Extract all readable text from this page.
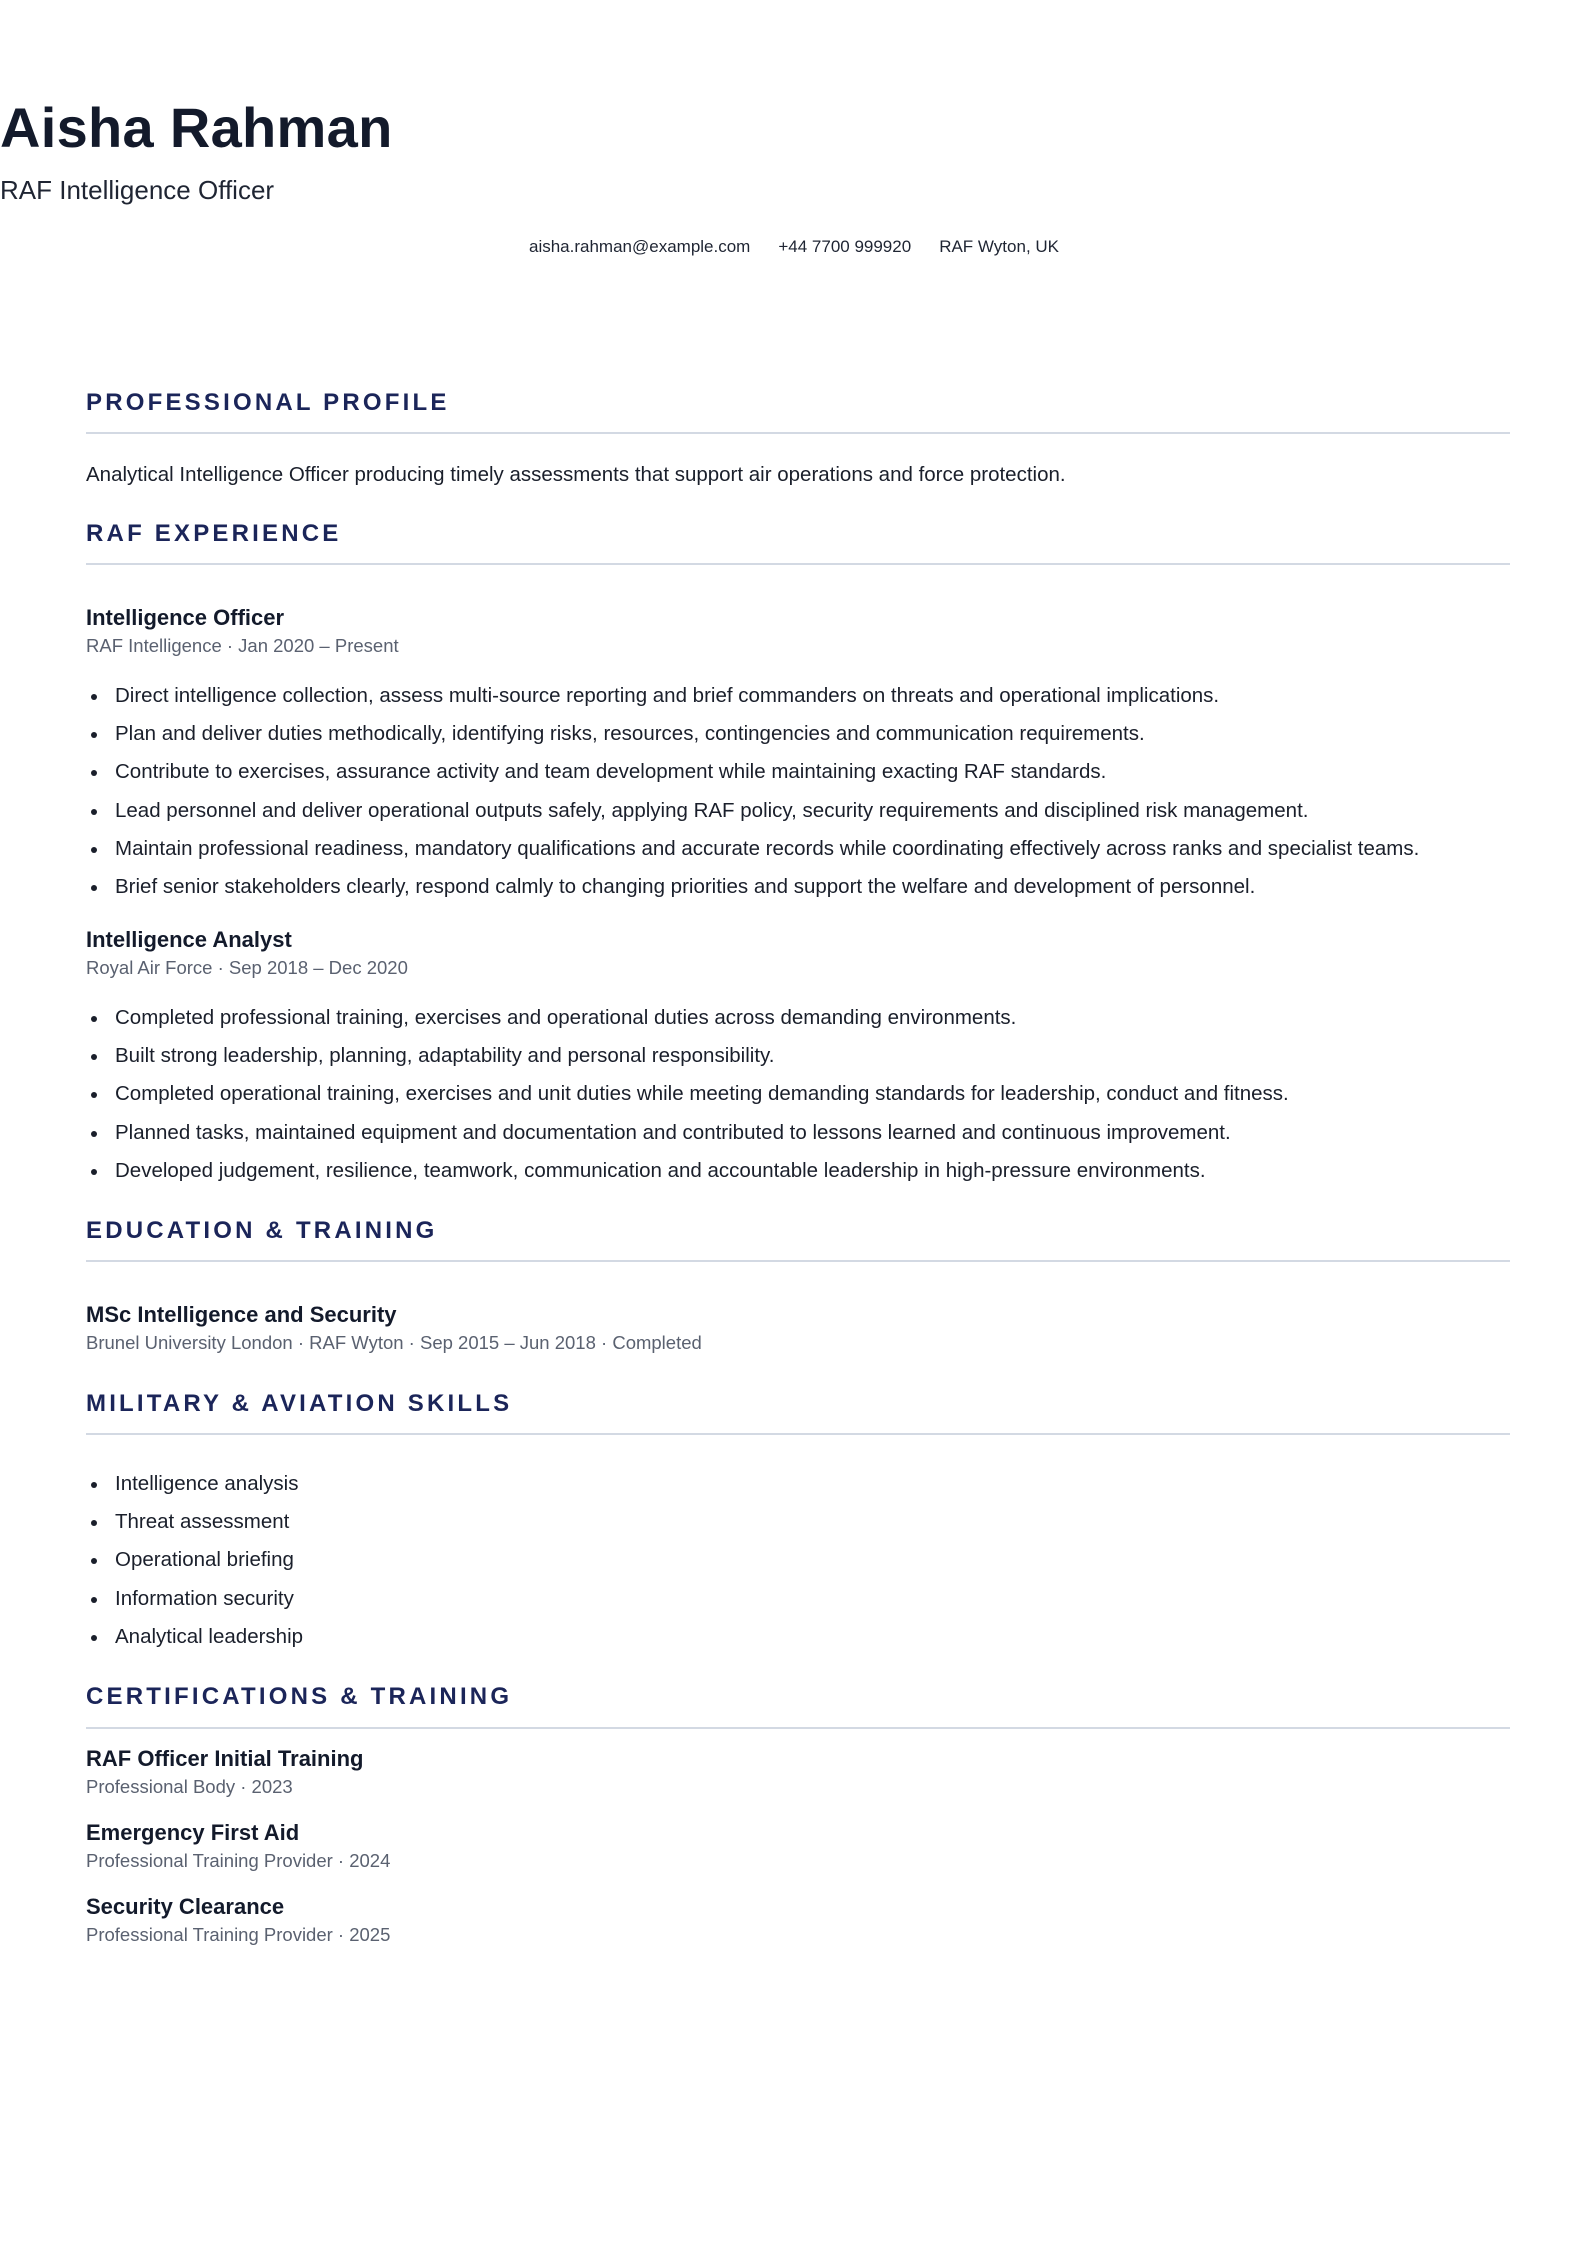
Aisha Rahman
RAF Intelligence Officer
aisha.rahman@example.com +44 7700 999920 RAF Wyton, UK
PROFESSIONAL PROFILE
Analytical Intelligence Officer producing timely assessments that support air operations and force protection.
RAF EXPERIENCE
Intelligence Officer
RAF Intelligence · Jan 2020 – Present
Direct intelligence collection, assess multi-source reporting and brief commanders on threats and operational implications.
Plan and deliver duties methodically, identifying risks, resources, contingencies and communication requirements.
Contribute to exercises, assurance activity and team development while maintaining exacting RAF standards.
Lead personnel and deliver operational outputs safely, applying RAF policy, security requirements and disciplined risk management.
Maintain professional readiness, mandatory qualifications and accurate records while coordinating effectively across ranks and specialist teams.
Brief senior stakeholders clearly, respond calmly to changing priorities and support the welfare and development of personnel.
Intelligence Analyst
Royal Air Force · Sep 2018 – Dec 2020
Completed professional training, exercises and operational duties across demanding environments.
Built strong leadership, planning, adaptability and personal responsibility.
Completed operational training, exercises and unit duties while meeting demanding standards for leadership, conduct and fitness.
Planned tasks, maintained equipment and documentation and contributed to lessons learned and continuous improvement.
Developed judgement, resilience, teamwork, communication and accountable leadership in high-pressure environments.
EDUCATION & TRAINING
MSc Intelligence and Security
Brunel University London · RAF Wyton · Sep 2015 – Jun 2018 · Completed
MILITARY & AVIATION SKILLS
Intelligence analysis
Threat assessment
Operational briefing
Information security
Analytical leadership
CERTIFICATIONS & TRAINING
RAF Officer Initial Training
Professional Body · 2023
Emergency First Aid
Professional Training Provider · 2024
Security Clearance
Professional Training Provider · 2025
